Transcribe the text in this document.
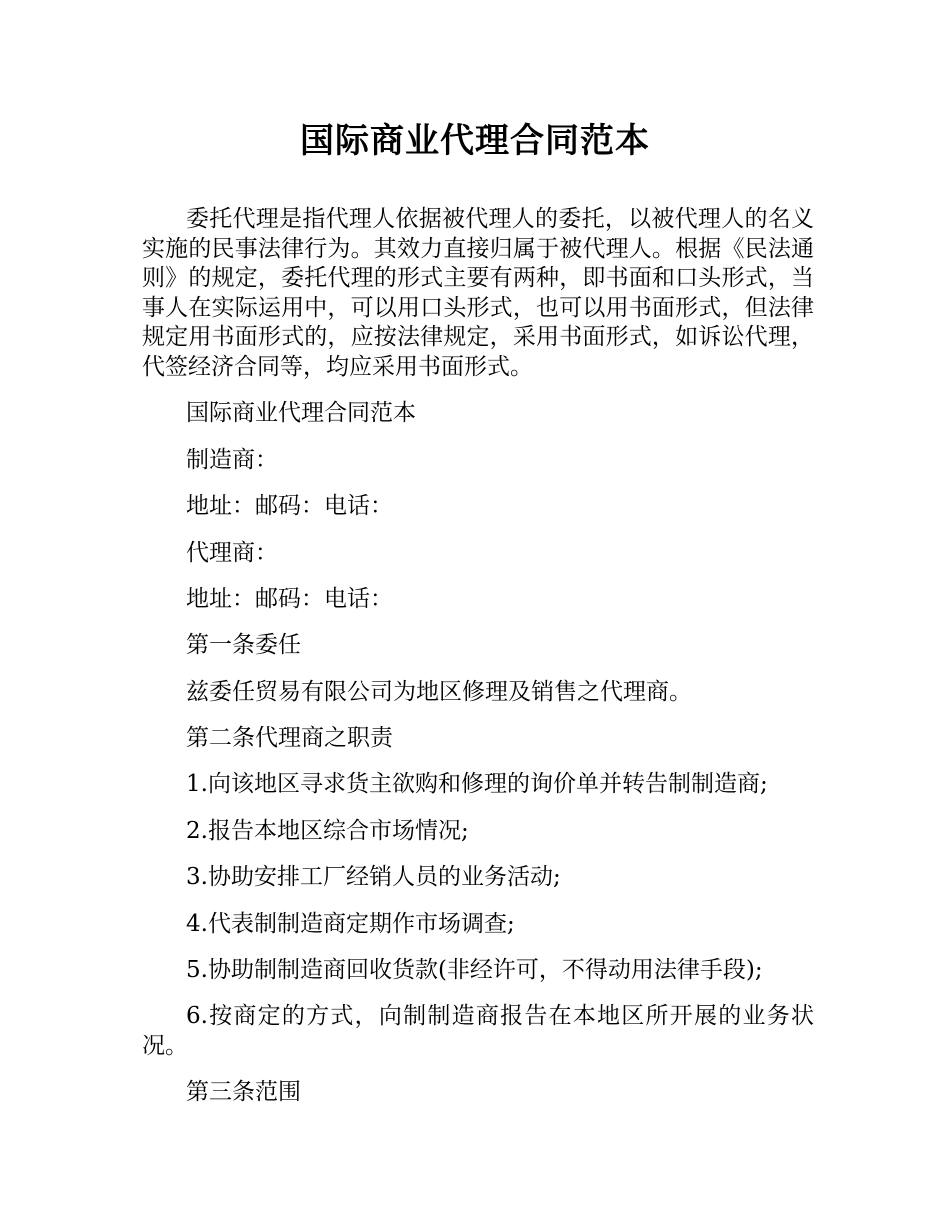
国际商业代理合同范本

委托代理是指代理人依据被代理人的委托，以被代理人的名义实施的民事法律行为。其效力直接归属于被代理人。根据《民法通则》的规定，委托代理的形式主要有两种，即书面和口头形式，当事人在实际运用中，可以用口头形式，也可以用书面形式，但法律规定用书面形式的，应按法律规定，采用书面形式，如诉讼代理，代签经济合同等，均应采用书面形式。

国际商业代理合同范本

制造商：

地址：邮码：电话：

代理商：

地址：邮码：电话：

第一条委任

兹委任贸易有限公司为地区修理及销售之代理商。

第二条代理商之职责

1.向该地区寻求货主欲购和修理的询价单并转告制制造商;

2.报告本地区综合市场情况;

3.协助安排工厂经销人员的业务活动;

4.代表制制造商定期作市场调查;

5.协助制制造商回收货款(非经许可，不得动用法律手段);

6.按商定的方式，向制制造商报告在本地区所开展的业务状况。

第三条范围
